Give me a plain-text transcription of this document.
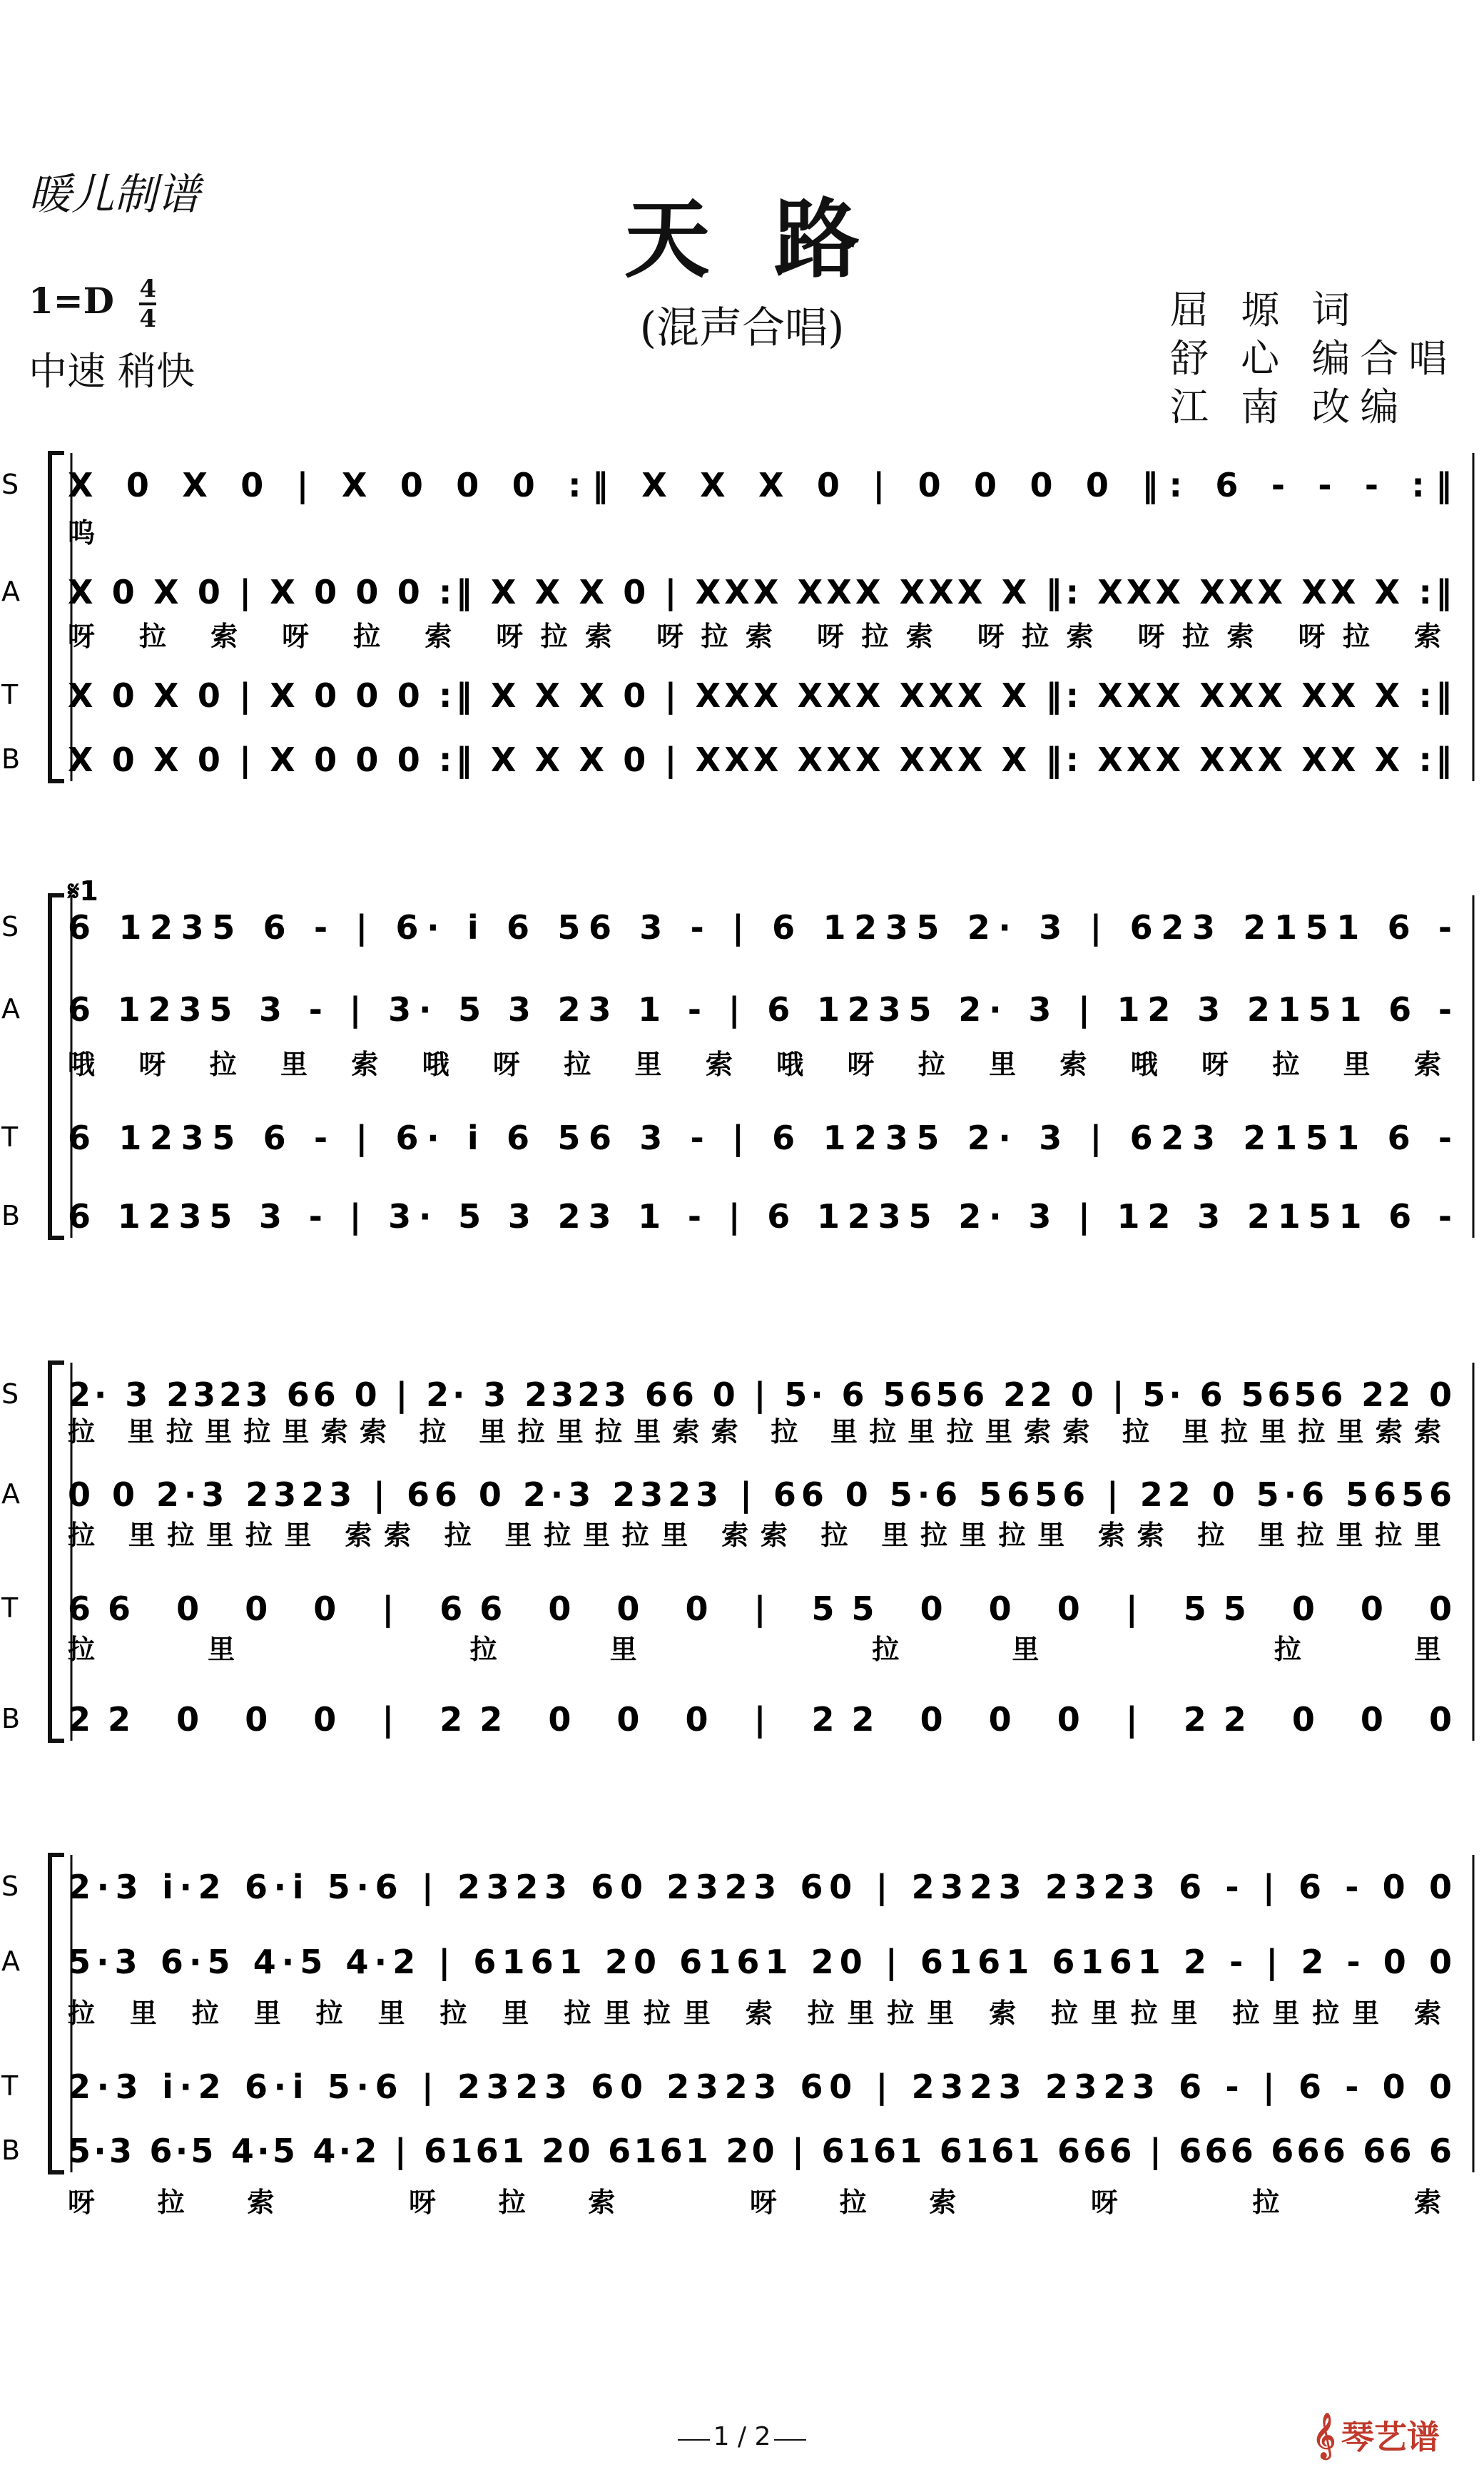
暖儿制谱	天路
(混声合唱)
$1=D \frac{4}{4}$
中速 稍快
屈 塬 词
舒 心 编合唱
江 南 改编
S X 0 X 0 | X 0 0 0 :‖ X X X 0 | 0 0 0 0 ‖: 6 - - - :‖
A X 0 X 0 | X 0 0 0 :‖ X X X 0 | XXX XXX XXX X ‖: XXX XXX XX X :‖
T X 0 X 0 | X 0 0 0 :‖ X X X 0 | XXX XXX XXX X ‖: XXX XXX XX X :‖
B X 0 X 0 | X 0 0 0 :‖ X X X 0 | XXX XXX XXX X ‖: XXX XXX XX X :‖
呜
呀 拉 索 呀 拉 索 呀拉索 呀拉索 呀拉索 呀拉索 呀拉索 呀拉 索
S 6 1235 6 - | 6· i 6 56 3 - | 6 1235 2· 3 | 623 2151 6 -
A 6 1235 3 - | 3· 5 3 23 1 - | 6 1235 2· 3 | 12 3 2151 6 -
T 6 1235 6 - | 6· i 6 56 3 - | 6 1235 2· 3 | 623 2151 6 -
B 6 1235 3 - | 3· 5 3 23 1 - | 6 1235 2· 3 | 12 3 2151 6 -
哦 呀 拉 里 索 哦 呀 拉 里 索 哦 呀 拉 里 索 哦 呀 拉 里 索
S 2· 3 2323 66 0 | 2· 3 2323 66 0 | 5· 6 5656 22 0 | 5· 6 5656 22 0
A 0 0 2·3 2323 | 66 0 2·3 2323 | 66 0 5·6 5656 | 22 0 5·6 5656
T 66 0 0 0 | 66 0 0 0 | 55 0 0 0 | 55 0 0 0
B 22 0 0 0 | 22 0 0 0 | 22 0 0 0 | 22 0 0 0
拉 里拉里拉里索索 拉 里拉里拉里索索 拉 里拉里拉里索索 拉 里拉里拉里索索
拉 里拉里拉里 索索 拉 里拉里拉里 索索 拉 里拉里拉里 索索 拉 里拉里拉里
拉里 拉里 拉里 拉里
S 2·3 i·2 6·i 5·6 | 2323 60 2323 60 | 2323 2323 6 - | 6 - 0 0
A 5·3 6·5 4·5 4·2 | 6161 20 6161 20 | 6161 6161 2 - | 2 - 0 0
T 2·3 i·2 6·i 5·6 | 2323 60 2323 60 | 2323 2323 6 - | 6 - 0 0
B 5·3 6·5 4·5 4·2 | 6161 20 6161 20 | 6161 6161 666 | 666 666 66 6
拉 里 拉 里 拉 里 拉 里 拉里拉里 索 拉里拉里 索 拉里拉里 拉里拉里 索
呀拉索 呀拉索 呀拉索 呀 拉 索
𝄋1
1 / 2	𝄞 琴艺谱
